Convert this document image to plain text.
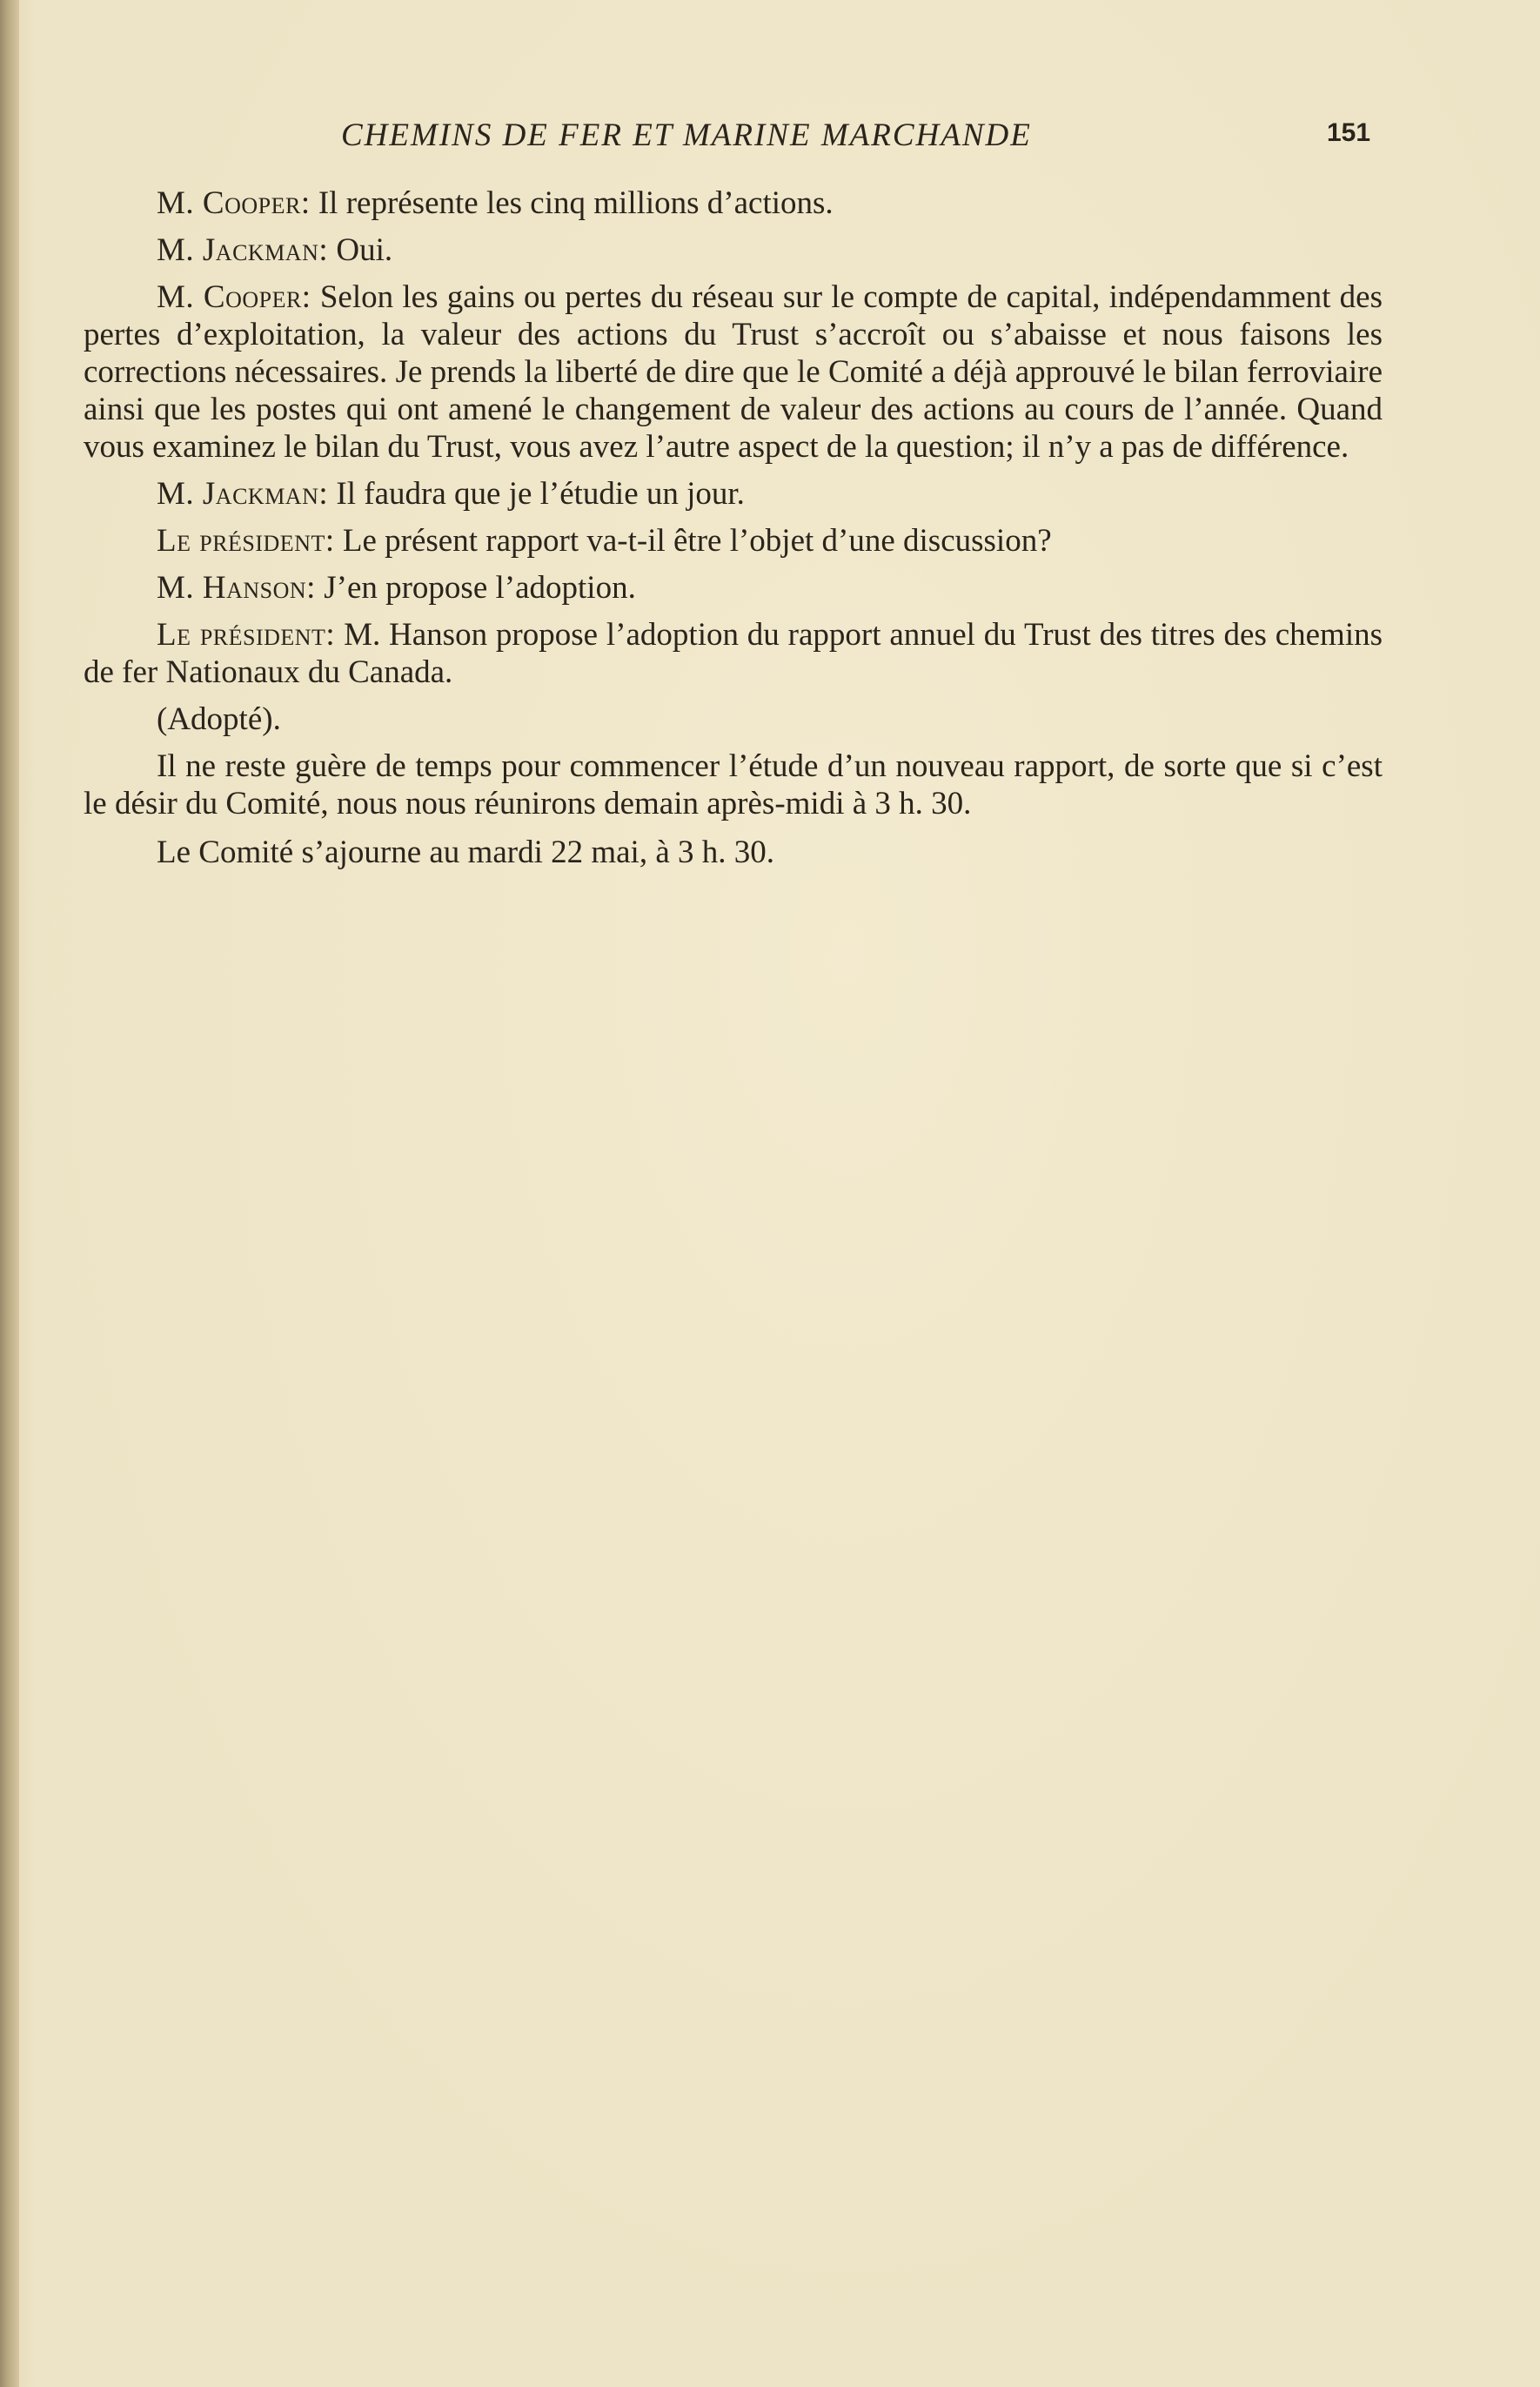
CHEMINS DE FER ET MARINE MARCHANDE	151

M. Cooper: Il représente les cinq millions d’actions.

M. Jackman: Oui.

M. Cooper: Selon les gains ou pertes du réseau sur le compte de capital, indépendamment des pertes d’exploitation, la valeur des actions du Trust s’accroît ou s’abaisse et nous faisons les corrections nécessaires. Je prends la liberté de dire que le Comité a déjà approuvé le bilan ferroviaire ainsi que les postes qui ont amené le changement de valeur des actions au cours de l’année. Quand vous examinez le bilan du Trust, vous avez l’autre aspect de la question; il n’y a pas de différence.

M. Jackman: Il faudra que je l’étudie un jour.

Le président: Le présent rapport va-t-il être l’objet d’une discussion?

M. Hanson: J’en propose l’adoption.

Le président: M. Hanson propose l’adoption du rapport annuel du Trust des titres des chemins de fer Nationaux du Canada.

(Adopté).

Il ne reste guère de temps pour commencer l’étude d’un nouveau rapport, de sorte que si c’est le désir du Comité, nous nous réunirons demain après-midi à 3 h. 30.

Le Comité s’ajourne au mardi 22 mai, à 3 h. 30.
